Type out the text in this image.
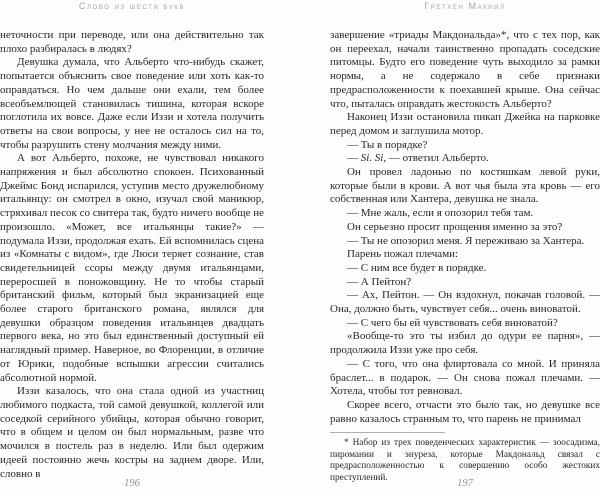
Слово из шести букв

неточности при переводе, или она действительно так плохо разбиралась в людях?

Девушка думала, что Альберто что-нибудь скажет, попытается объяснить свое поведение или хоть как-то оправдаться. Но чем дальше они ехали, тем более всеобъемлющей становилась тишина, которая вскоре поглотила их вовсе. Даже если Иззи и хотела получить ответы на свои вопросы, у нее не осталось сил на то, чтобы разрушить стену молчания между ними.

А вот Альберто, похоже, не чувствовал никакого напряжения и был абсолютно спокоен. Психованный Джеймс Бонд испарился, уступив место дружелюбному итальянцу: он смотрел в окно, изучал свой маникюр, стряхивал песок со свитера так, будто ничего вообще не произошло. «Может, все итальянцы такие?» — подумала Иззи, продолжая ехать. Ей вспомнилась сцена из «Комнаты с видом», где Люси теряет сознание, став свидетельницей ссоры между двумя итальянцами, переросшей в поножовщину. Не то чтобы старый британский фильм, который был экранизацией еще более старого британского романа, являлся для девушки образцом поведения итальянцев двадцать первого века, но это был единственный доступный ей наглядный пример. Наверное, во Флоренции, в отличие от Юрики, подобные вспышки агрессии считались абсолютной нормой.

Иззи казалось, что она стала одной из участниц любимого подкаста, той самой девушкой, коллегой или соседкой серийного убийцы, которая обычно говорит, что в общем и целом он был нормальным, разве что мочился в постель раз в неделю. Или был одержим идеей постоянно жечь костры на заднем дворе. Или, словно в

196
Гретхен Макнил

завершение «триады Макдональда»*, что с тех пор, как он переехал, начали таинственно пропадать соседские питомцы. Будто его поведение чуть выходило за рамки нормы, а не содержало в себе признаки предрасположенности к поехавшей крыше. Она сейчас что, пыталась оправдать жестокость Альберто?

Наконец Иззи остановила пикап Джейка на парковке перед домом и заглушила мотор.

— Ты в порядке?

— Si. Si, — ответил Альберто.

Он провел ладонью по костяшкам левой руки, которые были в крови. А вот чья была эта кровь — его собственная или Хантера, девушка не знала.

— Мне жаль, если я опозорил тебя там.

Он серьезно просит прощения именно за это?

— Ты не опозорил меня. Я переживаю за Хантера.

Парень пожал плечами:

— С ним все будет в порядке.

— А Пейтон?

— Ах, Пейтон. — Он вздохнул, покачав головой. — Она, должно быть, чувствует себя... очень виноватой.

— С чего бы ей чувствовать себя виноватой?

«Вообще-то это ты избил до одури ее парня», — продолжила Иззи уже про себя.

— С того, что она флиртовала со мной. И приняла браслет... в подарок. — Он снова пожал плечами. — Хотела, чтобы тот ревновал.

Скорее всего, отчасти это было так, но девушке все равно казалось странным то, что парень не принимал

* Набор из трех поведенческих характеристик — зоосадизма, пиромании и энуреза, которые Макдональд связал с предрасположенностью к совершению особо жестоких преступлений.

197
